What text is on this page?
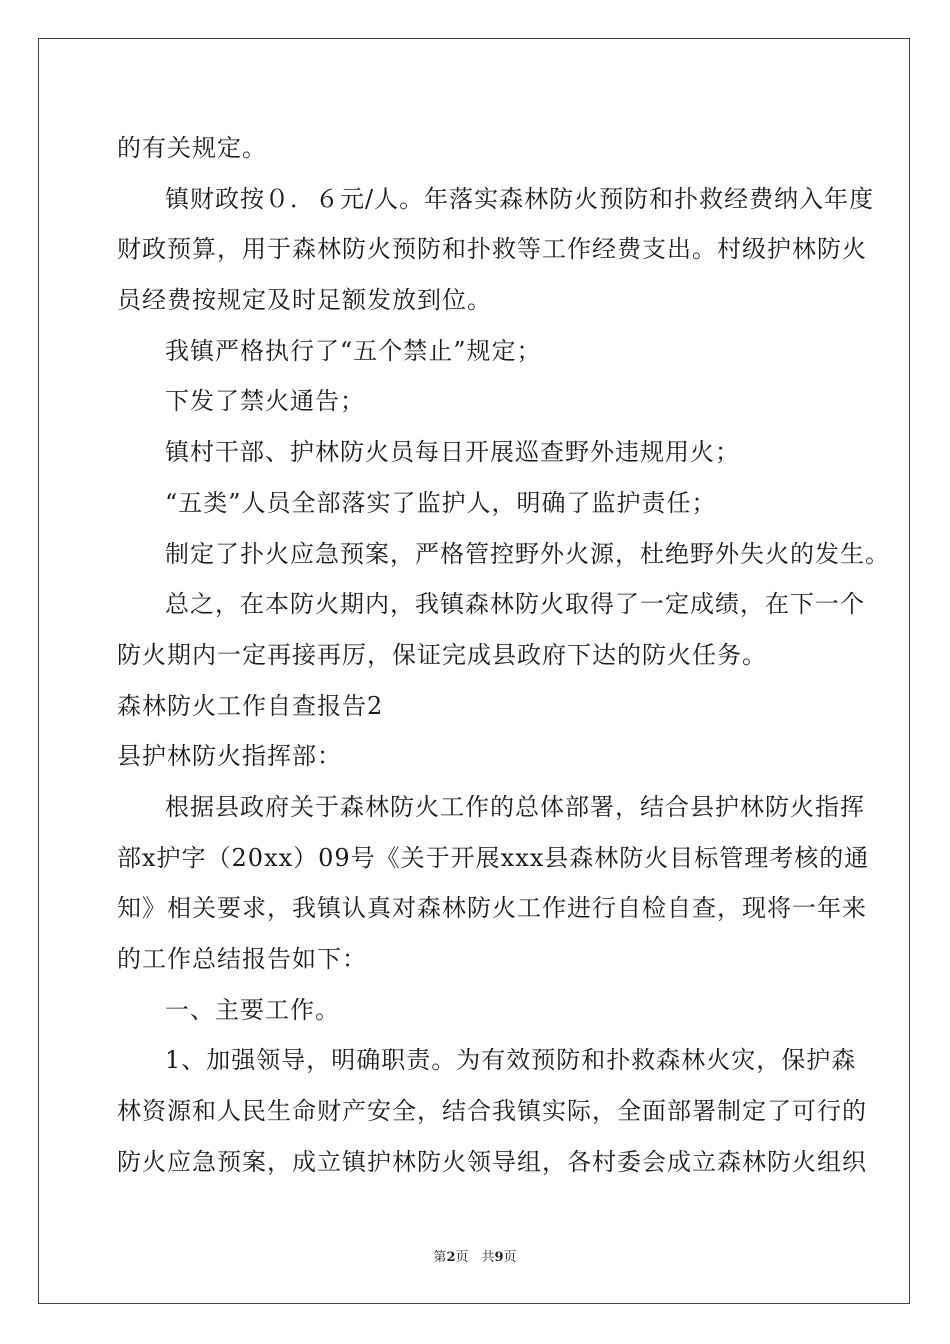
的有关规定。
镇财政按０．６元/人。年落实森林防火预防和扑救经费纳入年度
财政预算，用于森林防火预防和扑救等工作经费支出。村级护林防火
员经费按规定及时足额发放到位。
我镇严格执行了“五个禁止”规定；
下发了禁火通告；
镇村干部、护林防火员每日开展巡查野外违规用火；
“五类”人员全部落实了监护人，明确了监护责任；
制定了扑火应急预案，严格管控野外火源，杜绝野外失火的发生。
总之，在本防火期内，我镇森林防火取得了一定成绩，在下一个
防火期内一定再接再厉，保证完成县政府下达的防火任务。
森林防火工作自查报告2
县护林防火指挥部：
根据县政府关于森林防火工作的总体部署，结合县护林防火指挥
部x护字（20xx）09号《关于开展xxx县森林防火目标管理考核的通
知》相关要求，我镇认真对森林防火工作进行自检自查，现将一年来
的工作总结报告如下：
一、主要工作。
1、加强领导，明确职责。为有效预防和扑救森林火灾，保护森
林资源和人民生命财产安全，结合我镇实际，全面部署制定了可行的
防火应急预案，成立镇护林防火领导组，各村委会成立森林防火组织
第2页　共9页
